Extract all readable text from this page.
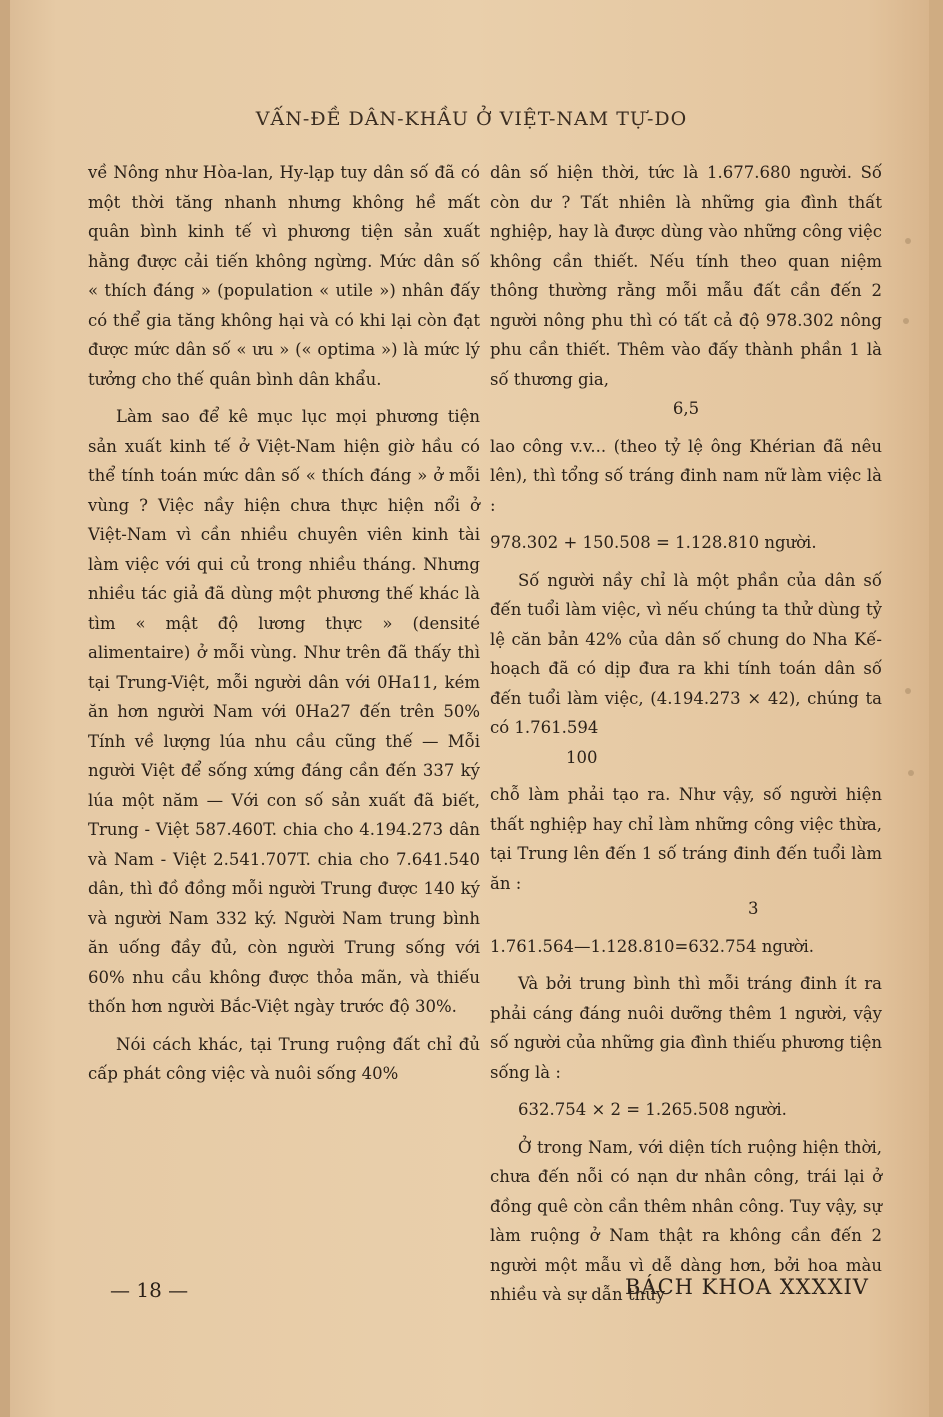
VẤN-ĐỀ DÂN-KHẦU Ở VIỆT-NAM TỰ-DO

về Nông như Hòa-lan, Hy-lạp tuy dân số đã có một thời tăng nhanh nhưng không hề mất quân bình kinh tế vì phương tiện sản xuất hằng được cải tiến không ngừng. Mức dân số « thích đáng » (population « utile ») nhân đấy có thể gia tăng không hại và có khi lại còn đạt được mức dân số « ưu » (« optima ») là mức lý tưởng cho thế quân bình dân khẩu.

Làm sao để kê mục lục mọi phương tiện sản xuất kinh tế ở Việt-Nam hiện giờ hầu có thể tính toán mức dân số « thích đáng » ở mỗi vùng ? Việc nầy hiện chưa thực hiện nổi ở Việt-Nam vì cần nhiều chuyên viên kinh tài làm việc với qui củ trong nhiều tháng. Nhưng nhiều tác giả đã dùng một phương thế khác là tìm « mật độ lương thực » (densité alimentaire) ở mỗi vùng. Như trên đã thấy thì tại Trung-Việt, mỗi người dân với 0Ha11, kém ăn hơn người Nam với 0Ha27 đến trên 50% Tính về lượng lúa nhu cầu cũng thế — Mỗi người Việt để sống xứng đáng cần đến 337 ký lúa một năm — Với con số sản xuất đã biết, Trung - Việt 587.460T. chia cho 4.194.273 dân và Nam - Việt 2.541.707T. chia cho 7.641.540 dân, thì đồ đồng mỗi người Trung được 140 ký và người Nam 332 ký. Người Nam trung bình ăn uống đầy đủ, còn người Trung sống với 60% nhu cầu không được thỏa mãn, và thiếu thốn hơn người Bắc-Việt ngày trước độ 30%.

Nói cách khác, tại Trung ruộng đất chỉ đủ cấp phát công việc và nuôi sống 40%

dân số hiện thời, tức là 1.677.680 người. Số còn dư ? Tất nhiên là những gia đình thất nghiệp, hay là được dùng vào những công việc không cần thiết. Nếu tính theo quan niệm thông thường rằng mỗi mẫu đất cần đến 2 người nông phu thì có tất cả độ 978.302 nông phu cần thiết. Thêm vào đấy thành phần 1 là số thương gia,

6,5

lao công v.v... (theo tỷ lệ ông Khérian đã nêu lên), thì tổng số tráng đinh nam nữ làm việc là :

978.302 + 150.508 = 1.128.810 người.

Số người nầy chỉ là một phần của dân số đến tuổi làm việc, vì nếu chúng ta thử dùng tỷ lệ căn bản 42% của dân số chung do Nha Kế-hoạch đã có dịp đưa ra khi tính toán dân số đến tuổi làm việc, (4.194.273 × 42), chúng ta có 1.761.594

100

chỗ làm phải tạo ra. Như vậy, số người hiện thất nghiệp hay chỉ làm những công việc thừa, tại Trung lên đến 1 số tráng đinh đến tuổi làm ăn :

3

1.761.564—1.128.810=632.754 người.

Và bởi trung bình thì mỗi tráng đinh ít ra phải cáng đáng nuôi dưỡng thêm 1 người, vậy số người của những gia đình thiếu phương tiện sống là :

632.754 × 2 = 1.265.508 người.

Ở trong Nam, với diện tích ruộng hiện thời, chưa đến nỗi có nạn dư nhân công, trái lại ở đồng quê còn cần thêm nhân công. Tuy vậy, sự làm ruộng ở Nam thật ra không cần đến 2 người một mẫu vì dễ dàng hơn, bởi hoa màu nhiều và sự dẫn thủy

— 18 —	BÁCH KHOA XXXXIV
